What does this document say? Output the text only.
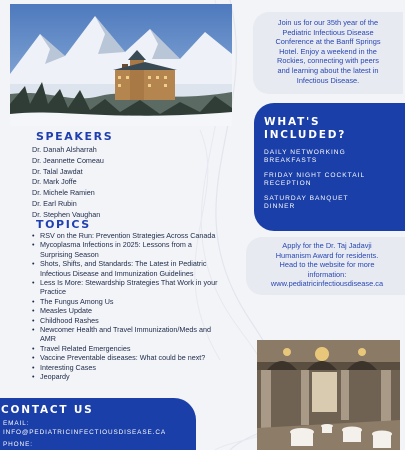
SPEAKERS
Dr. Danah Alsharrah
Dr. Jeannette Comeau
Dr. Talal Jawdat
Dr. Mark Joffe
Dr. Michele Ramien
Dr. Earl Rubin
Dr. Stephen Vaughan
TOPICS
• RSV on the Run: Prevention Strategies Across Canada
• Mycoplasma Infections in 2025: Lessons from a
Surprising Season
• Shots, Shifts, and Standards: The Latest in Pediatric
Infectious Disease and Immunization Guidelines
• Less Is More: Stewardship Strategies That Work in your
Practice
• The Fungus Among Us
• Measles Update
• Childhood Rashes
• Newcomer Health and Travel Immunization/Meds and
AMR
• Travel Related Emergencies
• Vaccine Preventable diseases: What could be next?
• Interesting Cases
• Jeopardy
CONTACT US
EMAIL:
INFO@PEDIATRICINFECTIOUSDISEASE.CA
PHONE:
Join us for our 35th year of the
Pediatric Infectious Disease
Conference at the Banff Springs
Hotel. Enjoy a weekend in the
Rockies, connecting with peers
and learning about the latest in
Infectious Disease.
WHAT'S
INCLUDED?
DAILY NETWORKING
BREAKFASTS
FRIDAY NIGHT COCKTAIL
RECEPTION
SATURDAY BANQUET
DINNER
Apply for the Dr. Taj Jadavji
Humanism Award for residents.
Head to the website for more
information:
www.pediatricinfectiousdisease.ca
